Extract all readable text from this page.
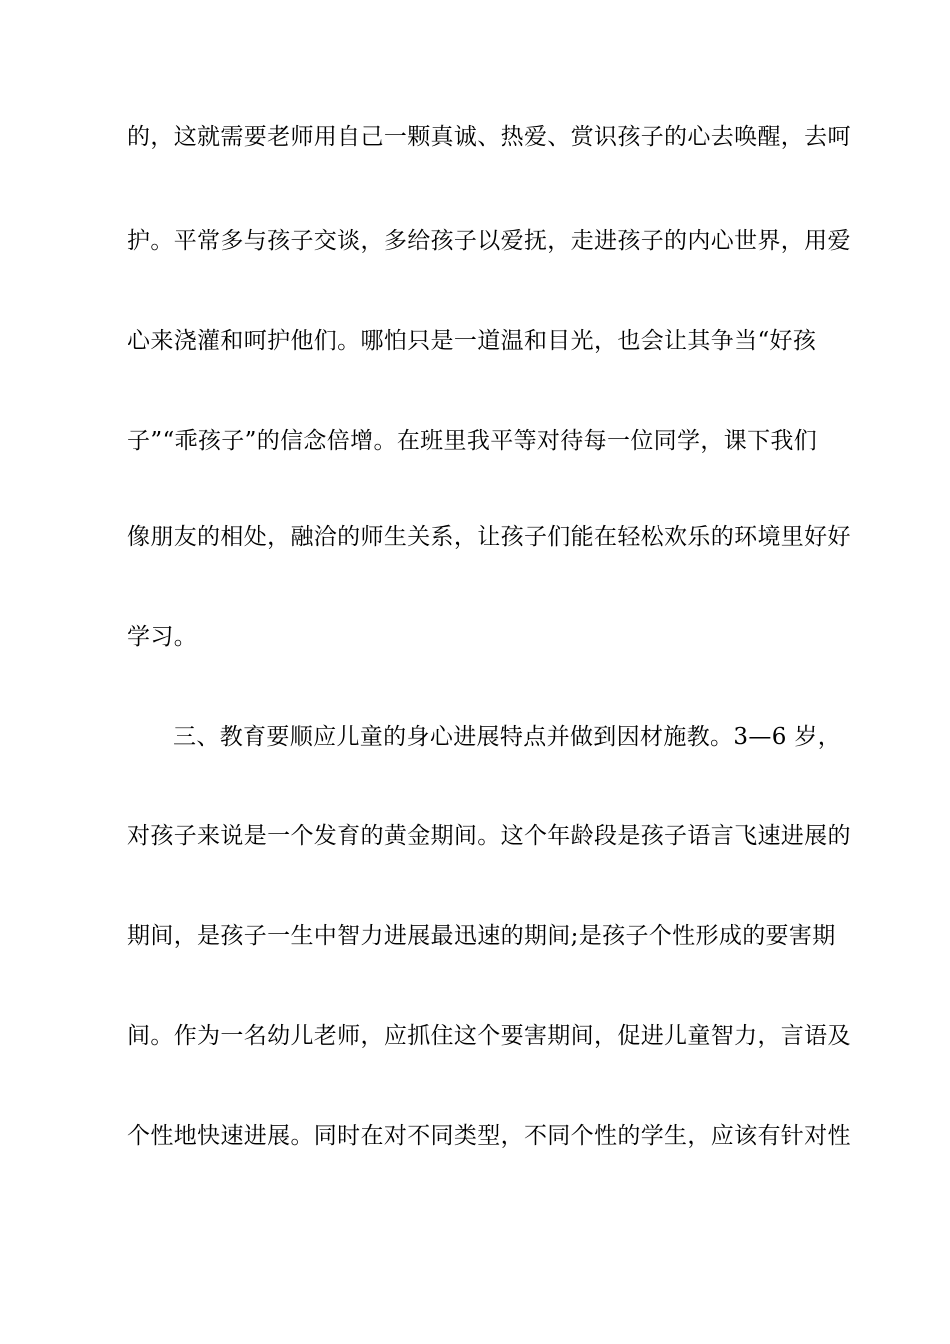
的，这就需要老师用自己一颗真诚、热爱、赏识孩子的心去唤醒，去呵
护。平常多与孩子交谈，多给孩子以爱抚，走进孩子的内心世界，用爱
心来浇灌和呵护他们。哪怕只是一道温和目光，也会让其争当“好孩
子”“乖孩子”的信念倍增。在班里我平等对待每一位同学，课下我们
像朋友的相处，融洽的师生关系，让孩子们能在轻松欢乐的环境里好好
学习。
三、教育要顺应儿童的身心进展特点并做到因材施教。3—6 岁，
对孩子来说是一个发育的黄金期间。这个年龄段是孩子语言飞速进展的
期间，是孩子一生中智力进展最迅速的期间;是孩子个性形成的要害期
间。作为一名幼儿老师，应抓住这个要害期间，促进儿童智力，言语及
个性地快速进展。同时在对不同类型，不同个性的学生，应该有针对性
